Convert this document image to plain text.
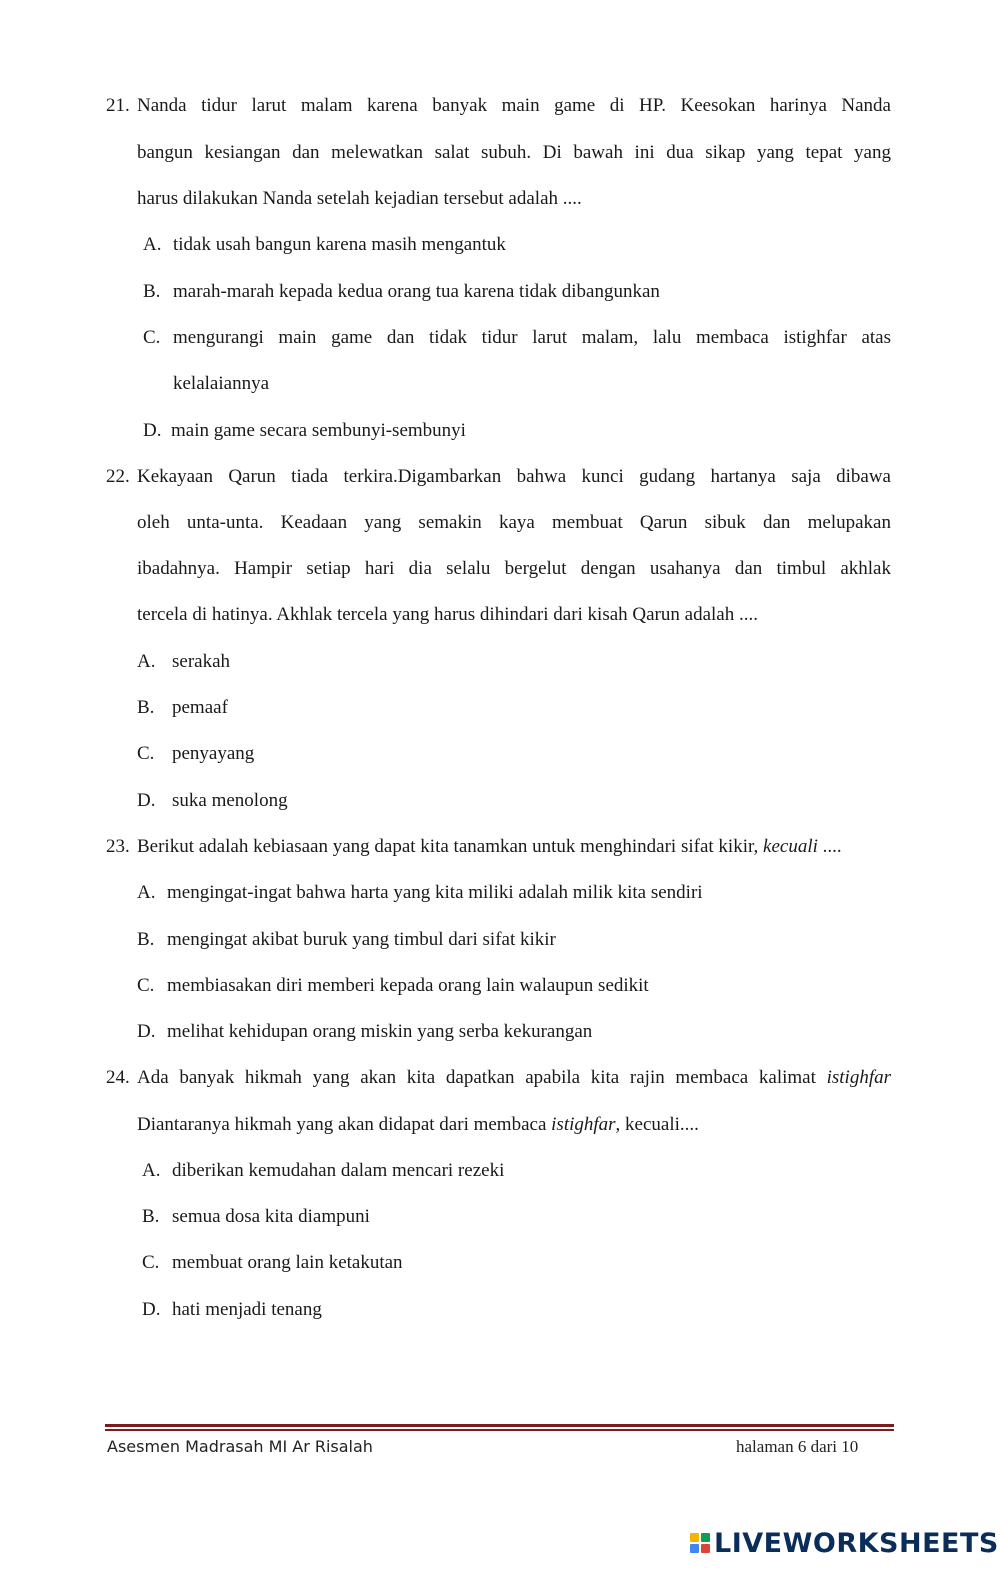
21. Nanda tidur larut malam karena banyak main game di HP. Keesokan harinya Nanda
bangun kesiangan dan melewatkan salat subuh. Di bawah ini dua sikap yang tepat yang
harus dilakukan Nanda setelah kejadian tersebut adalah ....
A. tidak usah bangun karena masih mengantuk
B. marah-marah kepada kedua orang tua karena tidak dibangunkan
C. mengurangi main game dan tidak tidur larut malam, lalu membaca istighfar atas
kelalaiannya
D. main game secara sembunyi-sembunyi
22. Kekayaan Qarun tiada terkira.Digambarkan bahwa kunci gudang hartanya saja dibawa
oleh unta-unta. Keadaan yang semakin kaya membuat Qarun sibuk dan melupakan
ibadahnya. Hampir setiap hari dia selalu bergelut dengan usahanya dan timbul akhlak
tercela di hatinya. Akhlak tercela yang harus dihindari dari kisah Qarun adalah ....
A. serakah
B. pemaaf
C. penyayang
D. suka menolong
23. Berikut adalah kebiasaan yang dapat kita tanamkan untuk menghindari sifat kikir, kecuali ....
A. mengingat-ingat bahwa harta yang kita miliki adalah milik kita sendiri
B. mengingat akibat buruk yang timbul dari sifat kikir
C. membiasakan diri memberi kepada orang lain walaupun sedikit
D. melihat kehidupan orang miskin yang serba kekurangan
24. Ada banyak hikmah yang akan kita dapatkan apabila kita rajin membaca kalimat istighfar
Diantaranya hikmah yang akan didapat dari membaca istighfar, kecuali....
A. diberikan kemudahan dalam mencari rezeki
B. semua dosa kita diampuni
C. membuat orang lain ketakutan
D. hati menjadi tenang
Asesmen Madrasah MI Ar Risalah	halaman 6 dari 10
LIVEWORKSHEETS
